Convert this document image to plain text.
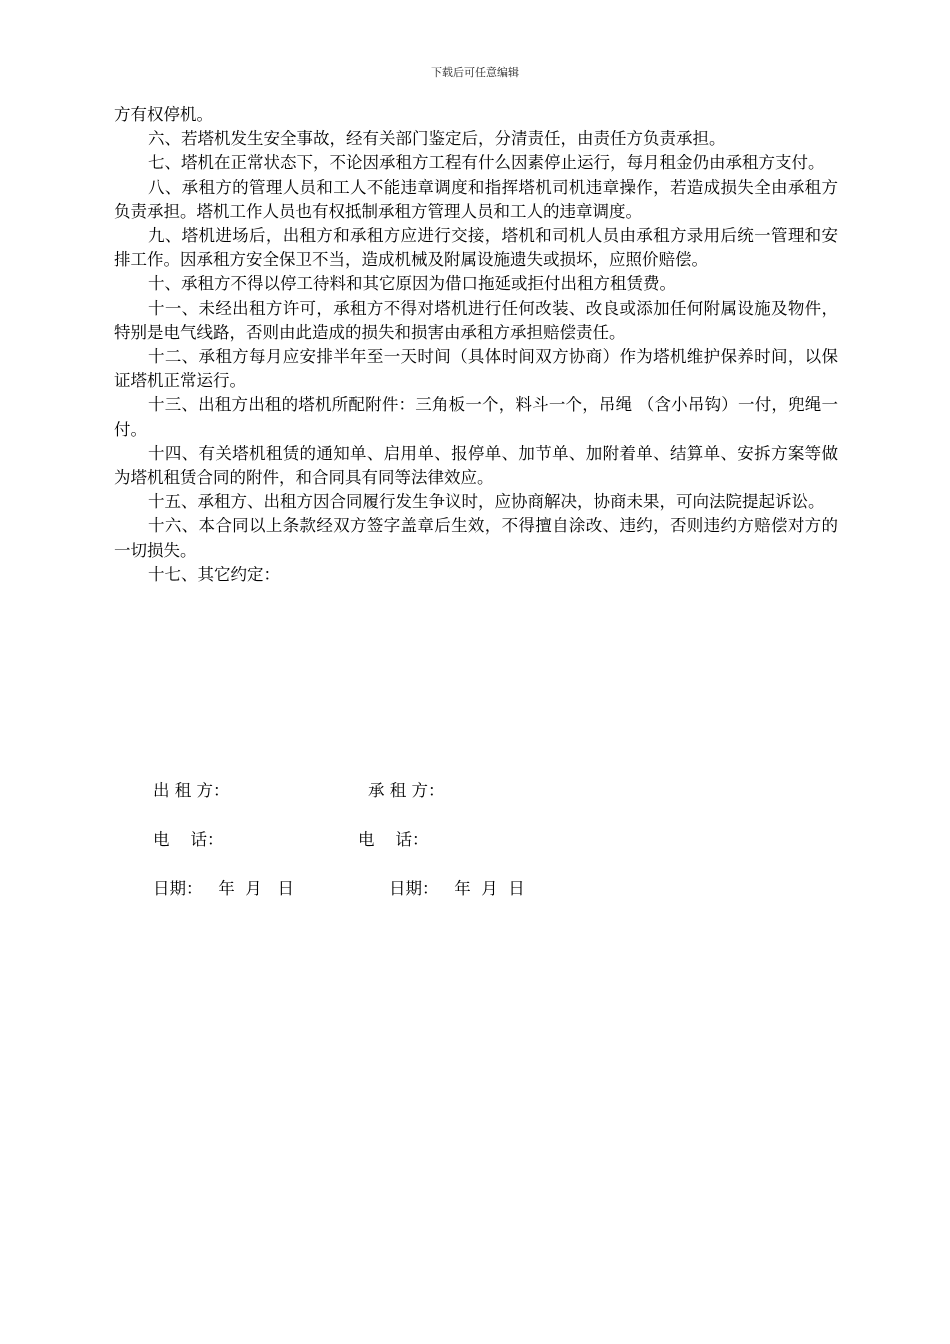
下载后可任意编辑

方有权停机。

六、若塔机发生安全事故，经有关部门鉴定后，分清责任，由责任方负责承担。

七、塔机在正常状态下，不论因承租方工程有什么因素停止运行，每月租金仍由承租方支付。

八、承租方的管理人员和工人不能违章调度和指挥塔机司机违章操作，若造成损失全由承租方负责承担。塔机工作人员也有权抵制承租方管理人员和工人的违章调度。

九、塔机进场后，出租方和承租方应进行交接，塔机和司机人员由承租方录用后统一管理和安排工作。因承租方安全保卫不当，造成机械及附属设施遗失或损坏，应照价赔偿。

十、承租方不得以停工待料和其它原因为借口拖延或拒付出租方租赁费。

十一、未经出租方许可，承租方不得对塔机进行任何改装、改良或添加任何附属设施及物件，特别是电气线路，否则由此造成的损失和损害由承租方承担赔偿责任。

十二、承租方每月应安排半年至一天时间（具体时间双方协商）作为塔机维护保养时间，以保证塔机正常运行。

十三、出租方出租的塔机所配附件：三角板一个，料斗一个，吊绳 （含小吊钩）一付，兜绳一付。

十四、有关塔机租赁的通知单、启用单、报停单、加节单、加附着单、结算单、安拆方案等做为塔机租赁合同的附件，和合同具有同等法律效应。

十五、承租方、出租方因合同履行发生争议时，应协商解决，协商未果，可向法院提起诉讼。

十六、本合同以上条款经双方签字盖章后生效，不得擅自涂改、违约，否则违约方赔偿对方的一切损失。

十七、其它约定：

出 租 方：	承 租 方：
电    话：	电    话：
日期：   年  月   日	日期：   年  月  日
